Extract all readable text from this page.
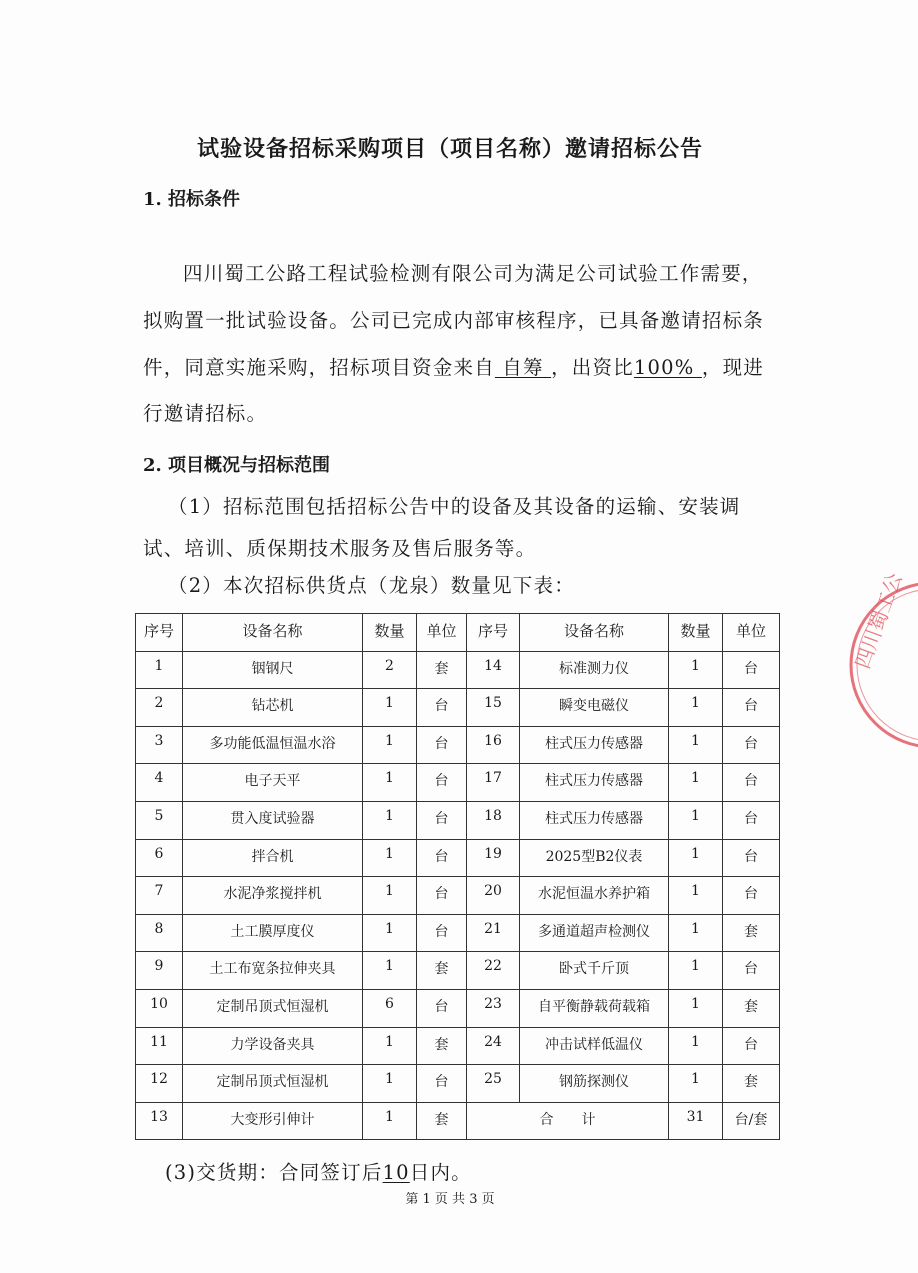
试验设备招标采购项目（项目名称）邀请招标公告
1. 招标条件
四川蜀工公路工程试验检测有限公司为满足公司试验工作需要，
拟购置一批试验设备。公司已完成内部审核程序，已具备邀请招标条
件，同意实施采购，招标项目资金来自 自筹 ，出资比100% ，现进
行邀请招标。
2. 项目概况与招标范围
（1）招标范围包括招标公告中的设备及其设备的运输、安装调
试、培训、质保期技术服务及售后服务等。
（2）本次招标供货点（龙泉）数量见下表：
序号	设备名称	数量	单位	序号	设备名称	数量	单位
1	铟钢尺	2	套	14	标准测力仪	1	台
2	钻芯机	1	台	15	瞬变电磁仪	1	台
3	多功能低温恒温水浴	1	台	16	柱式压力传感器	1	台
4	电子天平	1	台	17	柱式压力传感器	1	台
5	贯入度试验器	1	台	18	柱式压力传感器	1	台
6	拌合机	1	台	19	2025型B2仪表	1	台
7	水泥净浆搅拌机	1	台	20	水泥恒温水养护箱	1	台
8	土工膜厚度仪	1	台	21	多通道超声检测仪	1	套
9	土工布宽条拉伸夹具	1	套	22	卧式千斤顶	1	台
10	定制吊顶式恒湿机	6	台	23	自平衡静载荷载箱	1	套
11	力学设备夹具	1	套	24	冲击试样低温仪	1	台
12	定制吊顶式恒湿机	1	台	25	钢筋探测仪	1	套
13	大变形引伸计	1	套	合　　计		31	台/套
(3)交货期：合同签订后10日内。
第 1 页 共 3 页
四川蜀工公
